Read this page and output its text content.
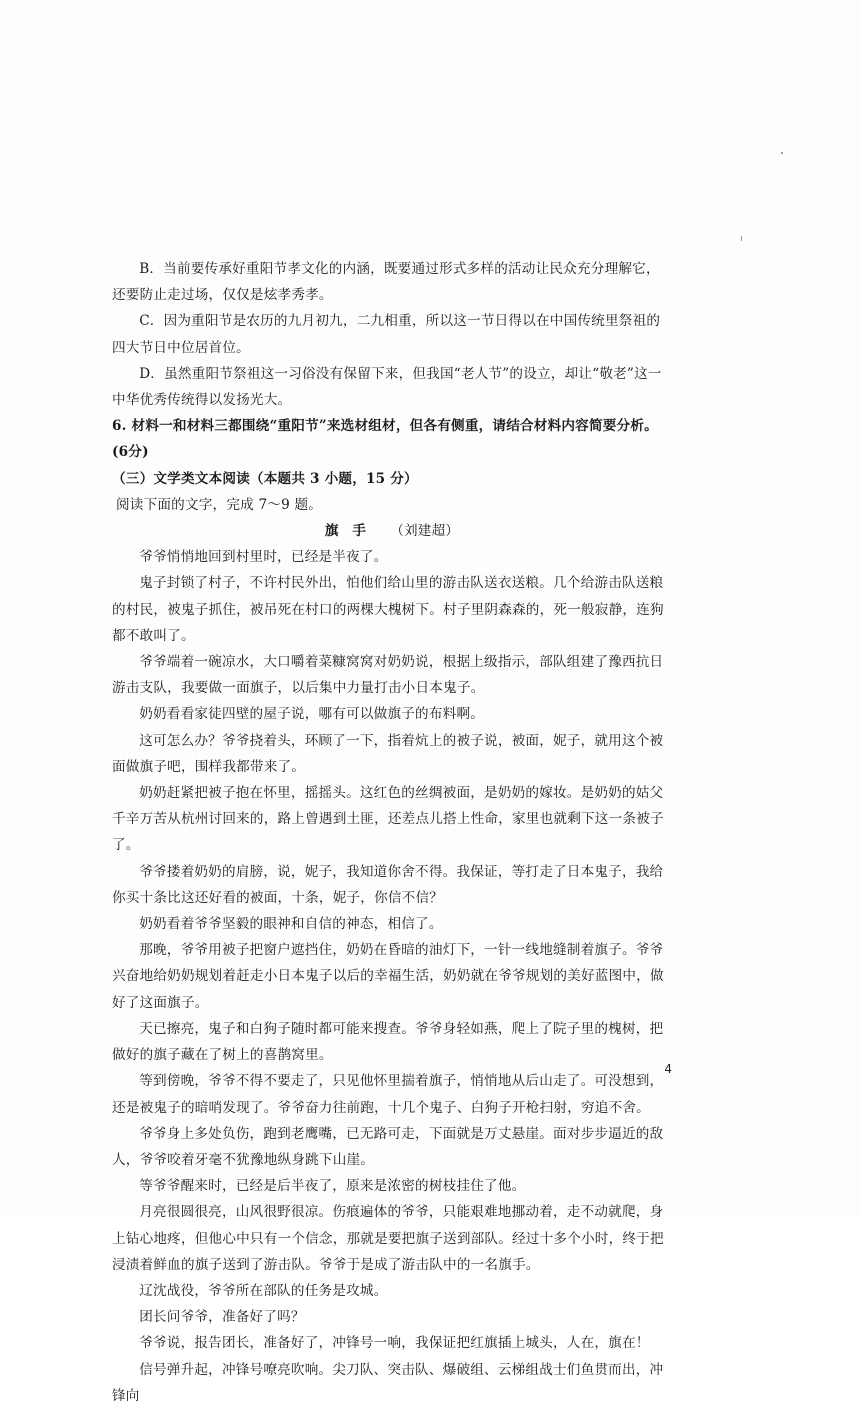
B．当前要传承好重阳节孝文化的内涵，既要通过形式多样的活动让民众充分理解它，还要防止走过场，仅仅是炫孝秀孝。

C．因为重阳节是农历的九月初九，二九相重，所以这一节日得以在中国传统里祭祖的四大节日中位居首位。

D．虽然重阳节祭祖这一习俗没有保留下来，但我国“老人节”的设立，却让“敬老”这一中华优秀传统得以发扬光大。

6. 材料一和材料三都围绕“重阳节”来选材组材，但各有侧重，请结合材料内容简要分析。(6分)

（三）文学类文本阅读（本题共 3 小题，15 分）

阅读下面的文字，完成 7～9 题。

旗　手 （刘建超）

爷爷悄悄地回到村里时，已经是半夜了。

鬼子封锁了村子，不许村民外出，怕他们给山里的游击队送衣送粮。几个给游击队送粮的村民，被鬼子抓住，被吊死在村口的两棵大槐树下。村子里阴森森的，死一般寂静，连狗都不敢叫了。

爷爷端着一碗凉水，大口嚼着菜糠窝窝对奶奶说，根据上级指示，部队组建了豫西抗日游击支队，我要做一面旗子，以后集中力量打击小日本鬼子。

奶奶看看家徒四壁的屋子说，哪有可以做旗子的布料啊。

这可怎么办？爷爷挠着头，环顾了一下，指着炕上的被子说，被面，妮子，就用这个被面做旗子吧，围样我都带来了。

奶奶赶紧把被子抱在怀里，摇摇头。这红色的丝绸被面，是奶奶的嫁妆。是奶奶的姑父千辛万苦从杭州讨回来的，路上曾遇到土匪，还差点儿搭上性命，家里也就剩下这一条被子了。

爷爷搂着奶奶的肩膀，说，妮子，我知道你舍不得。我保证，等打走了日本鬼子，我给你买十条比这还好看的被面，十条，妮子，你信不信？

奶奶看着爷爷坚毅的眼神和自信的神态，相信了。

那晚，爷爷用被子把窗户遮挡住，奶奶在昏暗的油灯下，一针一线地缝制着旗子。爷爷兴奋地给奶奶规划着赶走小日本鬼子以后的幸福生活，奶奶就在爷爷规划的美好蓝图中，做好了这面旗子。

天已擦亮，鬼子和白狗子随时都可能来搜查。爷爷身轻如燕，爬上了院子里的槐树，把做好的旗子藏在了树上的喜鹊窝里。

等到傍晚，爷爷不得不要走了，只见他怀里揣着旗子，悄悄地从后山走了。可没想到，还是被鬼子的暗哨发现了。爷爷奋力往前跑，十几个鬼子、白狗子开枪扫射，穷追不舍。

爷爷身上多处负伤，跑到老鹰嘴，已无路可走，下面就是万丈悬崖。面对步步逼近的敌人，爷爷咬着牙毫不犹豫地纵身跳下山崖。

等爷爷醒来时，已经是后半夜了，原来是浓密的树枝挂住了他。

月亮很圆很亮，山风很野很凉。伤痕遍体的爷爷，只能艰难地挪动着，走不动就爬，身上钻心地疼，但他心中只有一个信念，那就是要把旗子送到部队。经过十多个小时，终于把浸渍着鲜血的旗子送到了游击队。爷爷于是成了游击队中的一名旗手。

辽沈战役，爷爷所在部队的任务是攻城。

团长问爷爷，准备好了吗？

爷爷说，报告团长，准备好了，冲锋号一响，我保证把红旗插上城头，人在，旗在！

信号弹升起，冲锋号嘹亮吹响。尖刀队、突击队、爆破组、云梯组战士们鱼贯而出，冲锋向

4
